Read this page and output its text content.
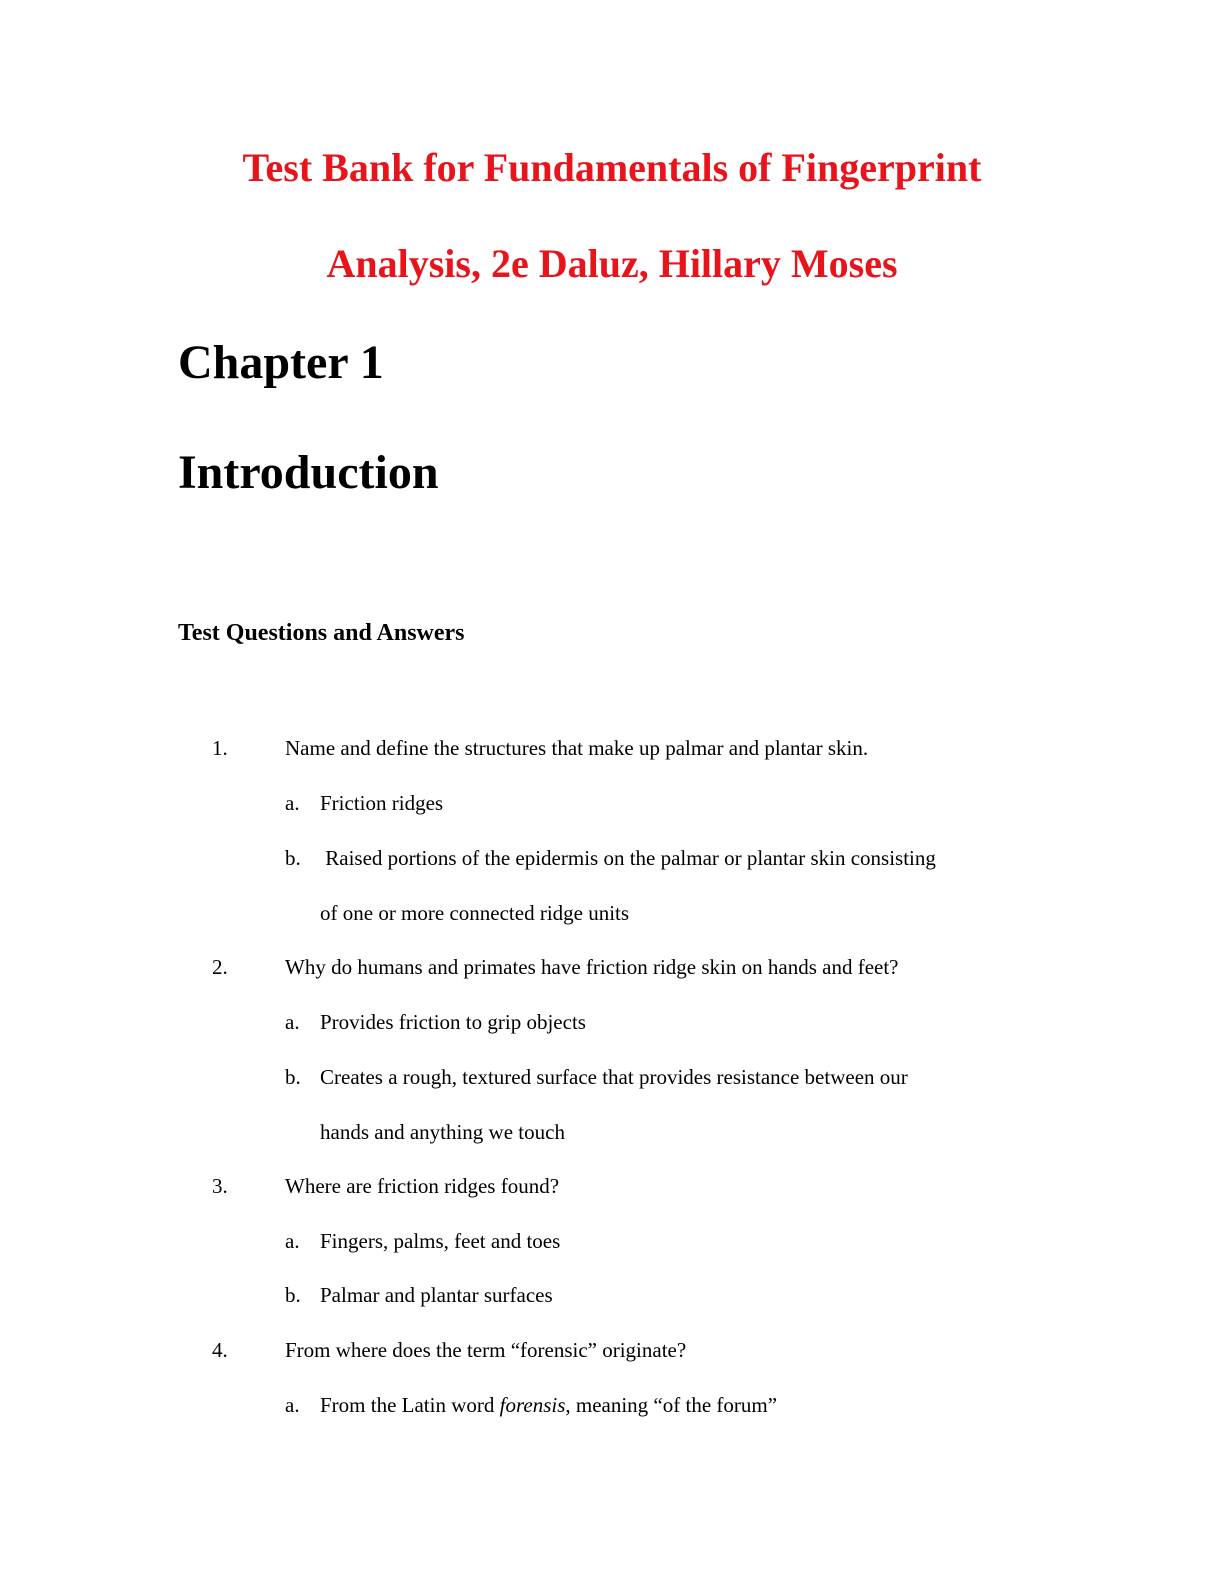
Test Bank for Fundamentals of Fingerprint
Analysis, 2e Daluz, Hillary Moses
Chapter 1
Introduction
Test Questions and Answers
1.	Name and define the structures that make up palmar and plantar skin.
a. Friction ridges
b. Raised portions of the epidermis on the palmar or plantar skin consisting
of one or more connected ridge units
2.	Why do humans and primates have friction ridge skin on hands and feet?
a. Provides friction to grip objects
b. Creates a rough, textured surface that provides resistance between our
hands and anything we touch
3.	Where are friction ridges found?
a. Fingers, palms, feet and toes
b. Palmar and plantar surfaces
4.	From where does the term “forensic” originate?
a. From the Latin word forensis, meaning “of the forum”
